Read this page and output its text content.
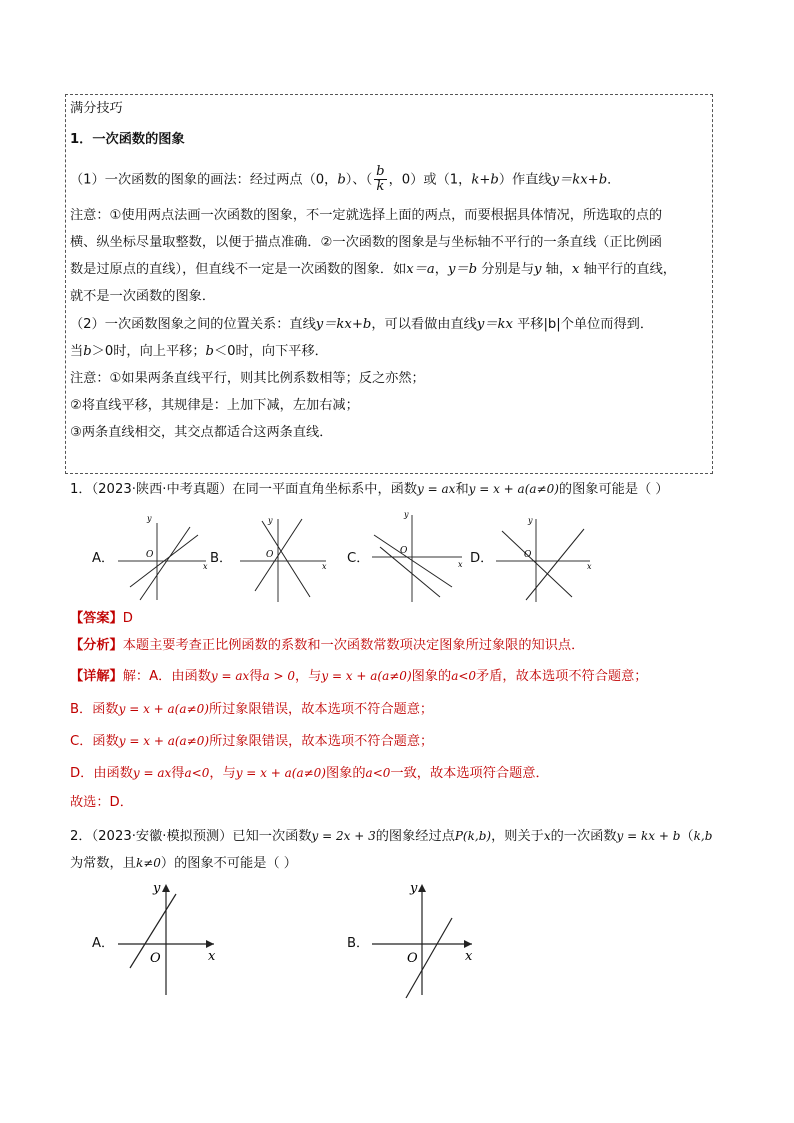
满分技巧
1．一次函数的图象
（1）一次函数的图象的画法：经过两点（0，b）、（ $\frac{b}{k}$ ，0）或（1，k+b）作直线y＝kx+b．
注意：①使用两点法画一次函数的图象，不一定就选择上面的两点，而要根据具体情况，所选取的点的
横、纵坐标尽量取整数，以便于描点准确．②一次函数的图象是与坐标轴不平行的一条直线（正比例函
数是过原点的直线），但直线不一定是一次函数的图象．如x＝a，y＝b 分别是与y 轴，x 轴平行的直线，
就不是一次函数的图象．
（2）一次函数图象之间的位置关系：直线y＝kx+b，可以看做由直线y＝kx 平移|b|个单位而得到．
当b＞0时，向上平移；b＜0时，向下平移．
注意：①如果两条直线平行，则其比例系数相等；反之亦然；
②将直线平移，其规律是：上加下减，左加右减；
③两条直线相交，其交点都适合这两条直线．
1．（2023·陕西·中考真题）在同一平面直角坐标系中，函数y = ax和y = x + a(a≠0)的图象可能是（ ）
y
x
O
y
x
O
y
x
O
y
x
O
A．	B．	C．	D．
【答案】D
【分析】本题主要考查正比例函数的系数和一次函数常数项决定图象所过象限的知识点．
【详解】解：A．由函数y = ax得a > 0，与y = x + a(a≠0)图象的a<0矛盾，故本选项不符合题意；
B．函数y = x + a(a≠0)所过象限错误，故本选项不符合题意；
C．函数y = x + a(a≠0)所过象限错误，故本选项不符合题意；
D．由函数y = ax得a<0，与y = x + a(a≠0)图象的a<0一致，故本选项符合题意．
故选：D．
2．（2023·安徽·模拟预测）已知一次函数y = 2x + 3的图象经过点P(k,b)，则关于x的一次函数y = kx + b（k,b
为常数，且k≠0）的图象不可能是（ ）
y
x
O
y
x
O
A．	B．
